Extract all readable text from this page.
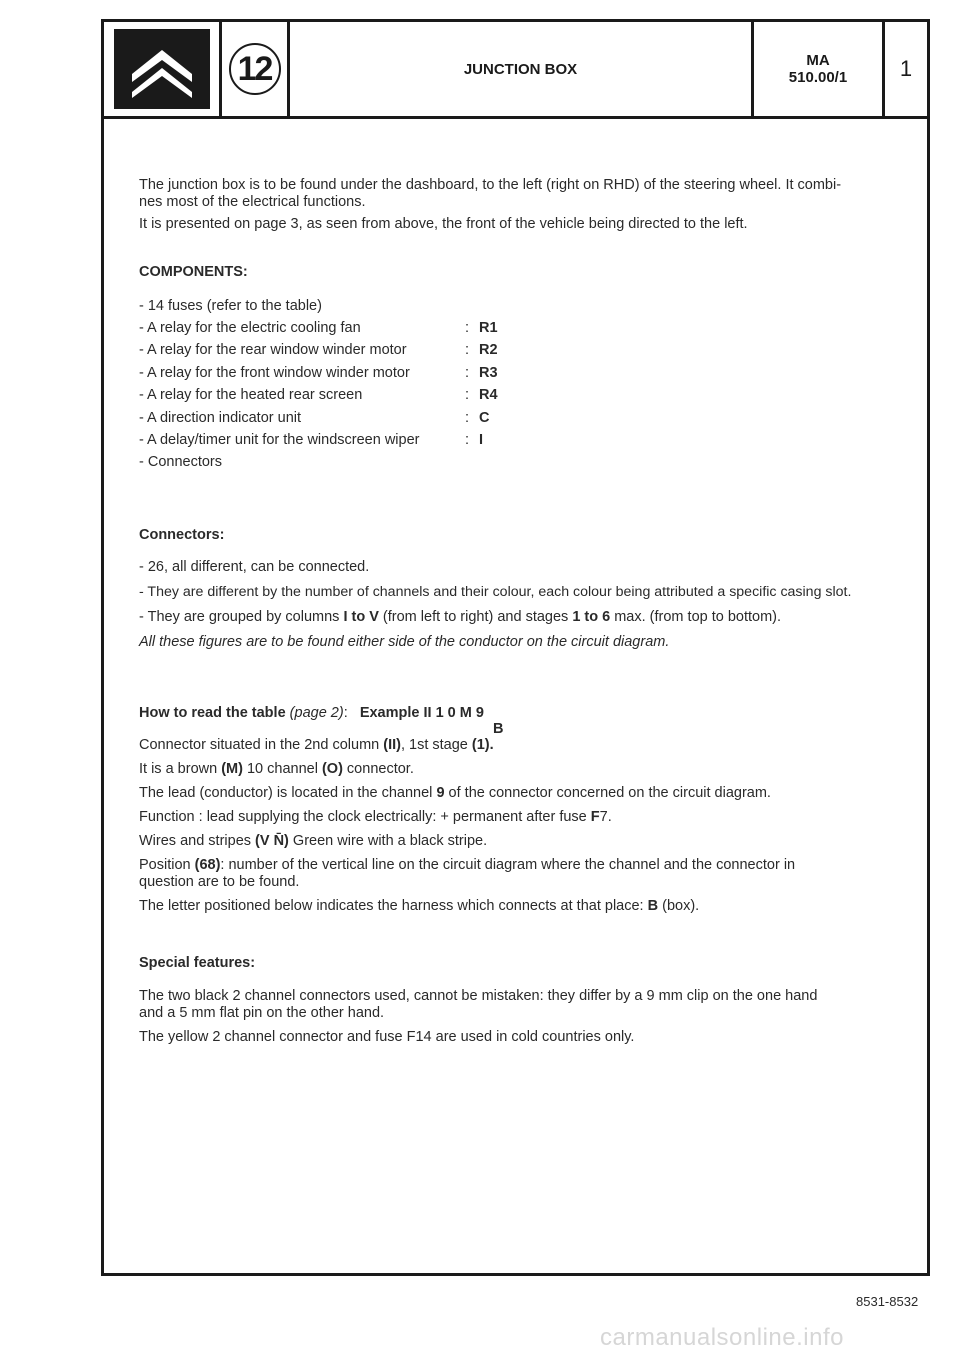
12	JUNCTION BOX	MA
510.00/1	1

The junction box is to be found under the dashboard, to the left (right on RHD) of the steering wheel. It combi-
nes most of the electrical functions.

It is presented on page 3, as seen from above, the front of the vehicle being directed to the left.

COMPONENTS:

- 14 fuses (refer to the table)
- A relay for the electric cooling fan	: R1
- A relay for the rear window winder motor	: R2
- A relay for the front window winder motor	: R3
- A relay for the heated rear screen	: R4
- A direction indicator unit	: C
- A delay/timer unit for the windscreen wiper	: I
- Connectors

Connectors:

- 26, all different, can be connected.

- They are different by the number of channels and their colour, each colour being attributed a specific casing slot.

- They are grouped by columns I to V (from left to right) and stages 1 to 6 max. (from top to bottom).

All these figures are to be found either side of the conductor on the circuit diagram.

How to read the table (page 2): Example II 1 0 M 9
B

Connector situated in the 2nd column (II), 1st stage (1).

It is a brown (M) 10 channel (O) connector.

The lead (conductor) is located in the channel 9 of the connector concerned on the circuit diagram.

Function : lead supplying the clock electrically: + permanent after fuse F7.

Wires and stripes (V N̄) Green wire with a black stripe.

Position (68): number of the vertical line on the circuit diagram where the channel and the connector in
question are to be found.

The letter positioned below indicates the harness which connects at that place: B (box).

Special features:

The two black 2 channel connectors used, cannot be mistaken: they differ by a 9 mm clip on the one hand
and a 5 mm flat pin on the other hand.

The yellow 2 channel connector and fuse F14 are used in cold countries only.

8531-8532
carmanualsonline.info
